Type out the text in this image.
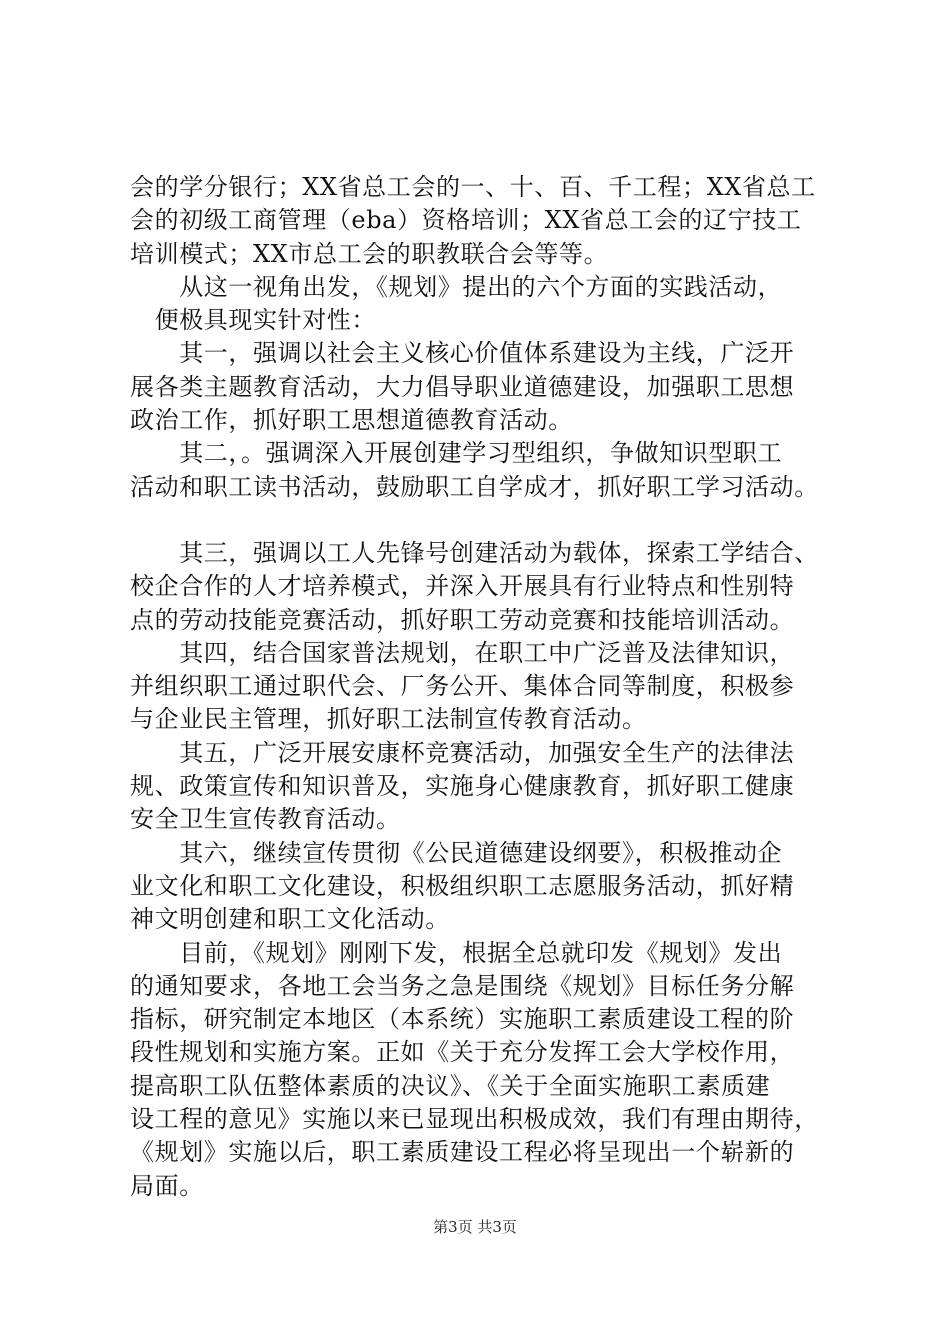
会的学分银行；XX省总工会的一、十、百、千工程；XX省总工
会的初级工商管理（eba）资格培训；XX省总工会的辽宁技工
培训模式；XX市总工会的职教联合会等等。

　　从这一视角出发，《规划》提出的六个方面的实践活动，
　便极具现实针对性：

　　其一，强调以社会主义核心价值体系建设为主线，广泛开
展各类主题教育活动，大力倡导职业道德建设，加强职工思想
政治工作，抓好职工思想道德教育活动。

　　其二，。强调深入开展创建学习型组织，争做知识型职工
活动和职工读书活动，鼓励职工自学成才，抓好职工学习活动。

　　其三，强调以工人先锋号创建活动为载体，探索工学结合、
校企合作的人才培养模式，并深入开展具有行业特点和性别特
点的劳动技能竞赛活动，抓好职工劳动竞赛和技能培训活动。

　　其四，结合国家普法规划，在职工中广泛普及法律知识，
并组织职工通过职代会、厂务公开、集体合同等制度，积极参
与企业民主管理，抓好职工法制宣传教育活动。

　　其五，广泛开展安康杯竞赛活动，加强安全生产的法律法
规、政策宣传和知识普及，实施身心健康教育，抓好职工健康
安全卫生宣传教育活动。

　　其六，继续宣传贯彻《公民道德建设纲要》，积极推动企
业文化和职工文化建设，积极组织职工志愿服务活动，抓好精
神文明创建和职工文化活动。

　　目前，《规划》刚刚下发，根据全总就印发《规划》发出
的通知要求，各地工会当务之急是围绕《规划》目标任务分解
指标，研究制定本地区（本系统）实施职工素质建设工程的阶
段性规划和实施方案。正如《关于充分发挥工会大学校作用，
提高职工队伍整体素质的决议》、《关于全面实施职工素质建
设工程的意见》实施以来已显现出积极成效，我们有理由期待，
《规划》实施以后，职工素质建设工程必将呈现出一个崭新的
局面。

第3页 共3页
